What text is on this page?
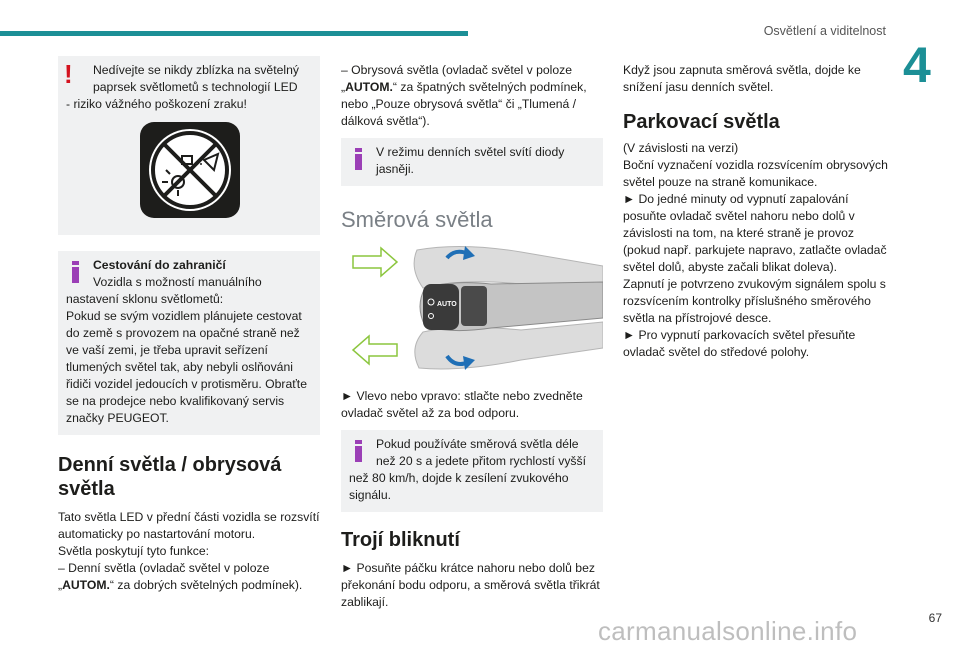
Osvětlení a viditelnost
4
!	Nedívejte se nikdy zblízka na světelný

paprsek světlometů s technologií LED

- riziko vážného poškození zraku!

Cestování do zahraničí

Vozidla s možností manuálního

nastavení sklonu světlometů:
Pokud se svým vozidlem plánujete cestovat do země s provozem na opačné straně než ve vaší zemi, je třeba upravit seřízení tlumených světel tak, aby nebyli oslňováni řidiči vozidel jedoucích v protisměru. Obraťte se na prodejce nebo kvalifikovaný servis značky PEUGEOT.

Denní světla / obrysová světla

Tato světla LED v přední části vozidla se rozsvítí automaticky po nastartování motoru.

Světla poskytují tyto funkce:

– Denní světla (ovladač světel v poloze „AUTOM.“ za dobrých světelných podmínek).

– Obrysová světla (ovladač světel v poloze „AUTOM.“ za špatných světelných podmínek, nebo „Pouze obrysová světla“ či „Tlumená / dálková světla“).

V režimu denních světel svítí diody

jasněji.

Směrová světla
AUTO

► Vlevo nebo vpravo: stlačte nebo zvedněte ovladač světel až za bod odporu.

Pokud používáte směrová světla déle

než 20 s a jedete přitom rychlostí vyšší

než 80 km/h, dojde k zesílení zvukového signálu.

Trojí bliknutí

► Posuňte páčku krátce nahoru nebo dolů bez překonání bodu odporu, a směrová světla třikrát zablikají.

Když jsou zapnuta směrová světla, dojde ke snížení jasu denních světel.

Parkovací světla

(V závislosti na verzi)
Boční vyznačení vozidla rozsvícením obrysových světel pouze na straně komunikace.
► Do jedné minuty od vypnutí zapalování posuňte ovladač světel nahoru nebo dolů v závislosti na tom, na které straně je provoz (pokud např. parkujete napravo, zatlačte ovladač světel dolů, abyste začali blikat doleva).
Zapnutí je potvrzeno zvukovým signálem spolu s rozsvícením kontrolky příslušného směrového světla na přístrojové desce.
► Pro vypnutí parkovacích světel přesuňte ovladač světel do středové polohy.

67
carmanualsonline.info
